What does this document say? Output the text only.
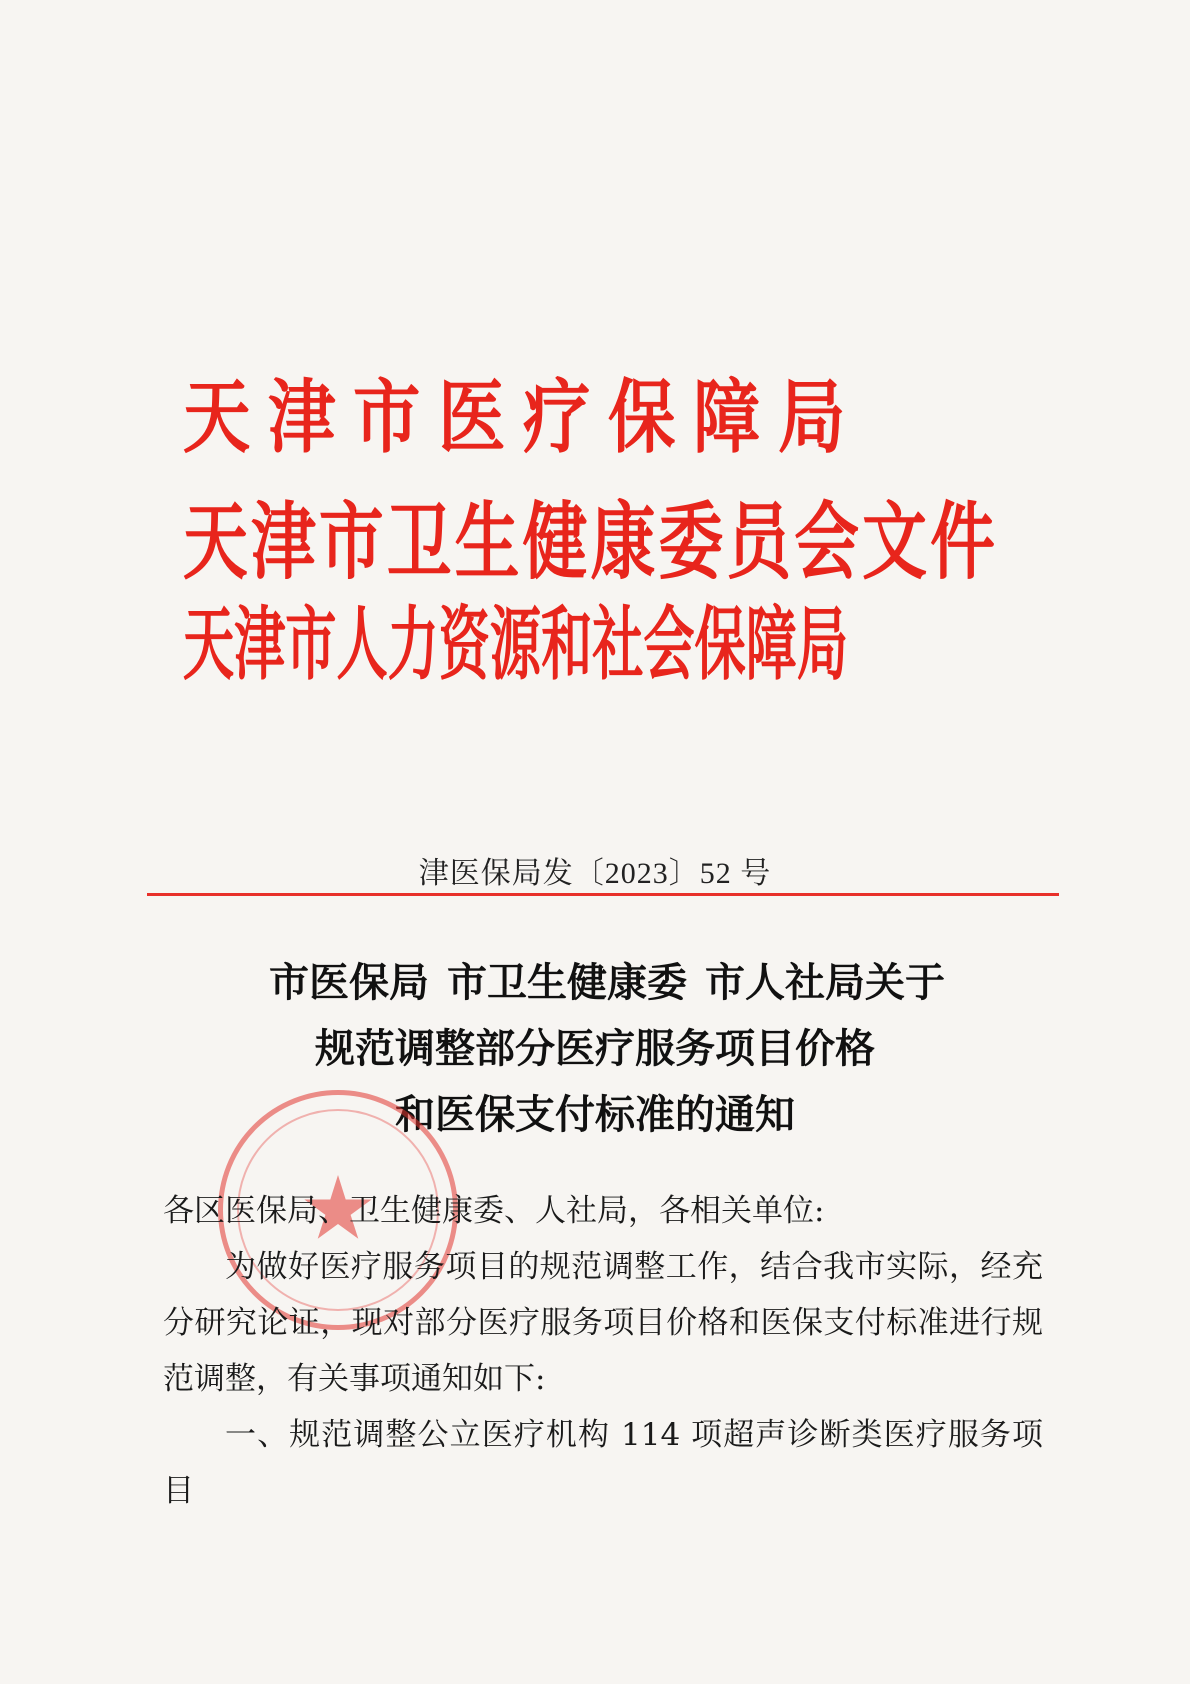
天津市医疗保障局
天津市卫生健康委员会文件
天津市人力资源和社会保障局
津医保局发〔2023〕52 号
市医保局 市卫生健康委 市人社局关于
规范调整部分医疗服务项目价格
和医保支付标准的通知

各区医保局、卫生健康委、人社局，各相关单位:

为做好医疗服务项目的规范调整工作，结合我市实际，经充分研究论证，现对部分医疗服务项目价格和医保支付标准进行规范调整，有关事项通知如下:

一、规范调整公立医疗机构 114 项超声诊断类医疗服务项目
